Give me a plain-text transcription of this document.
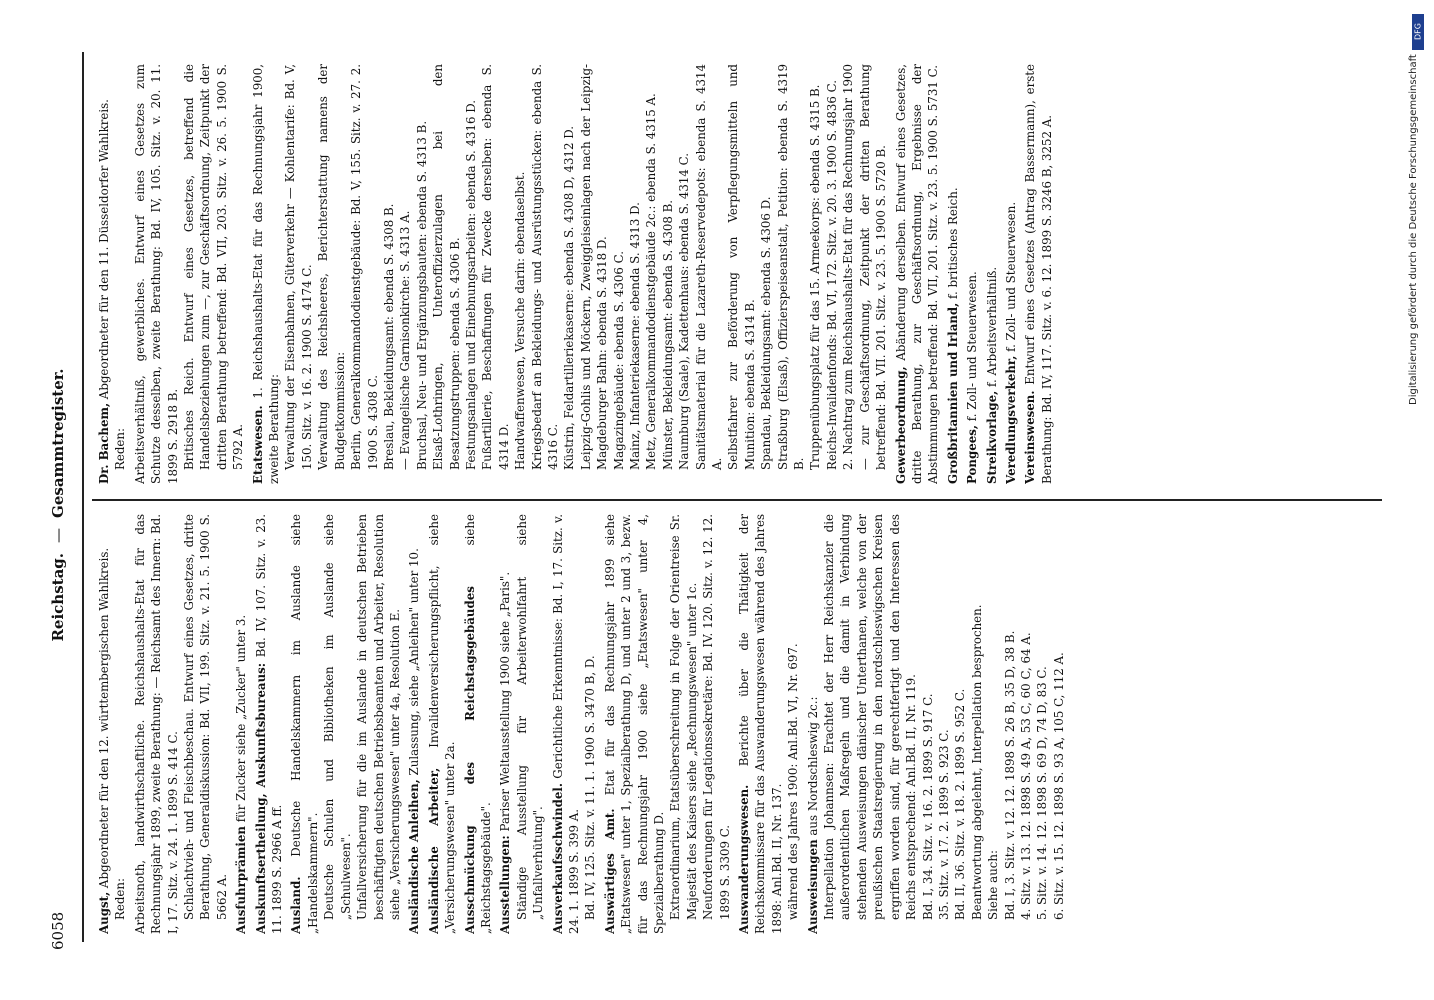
6058
Reichstag.—Gesammtregister.

Augst, Abgeordneter für den 12. württembergischen Wahlkreis.

Reden: Arbeitsnoth, landwirthschaftliche. Reichshaushalts-Etat für das Rechnungsjahr 1899, zweite Berathung: — Reichsamt des Innern: Bd. I, 17. Sitz. v. 24. 1. 1899 S. 414 C. Schlachtvieh- und Fleischbeschau. Entwurf eines Gesetzes, dritte Berathung, Generaldiskussion: Bd. VII, 199. Sitz. v. 21. 5. 1900 S. 5662 A. Ausfuhrprämien für Zucker siehe „Zucker" unter 3. Auskunftsertheilung, Auskunftsbureaus: Bd. IV, 107. Sitz. v. 23. 11. 1899 S. 2966 A ff. Ausland. Deutsche Handelskammern im Auslande siehe „Handelskammern". Deutsche Schulen und Bibliotheken im Auslande siehe „Schulwesen". Unfallversicherung für die im Auslande in deutschen Betrieben beschäftigten deutschen Betriebsbeamten und Arbeiter, Resolution siehe „Versicherungswesen" unter 4a, Resolution E. Ausländische Anleihen, Zulassung, siehe „Anleihen" unter 10.

Ausländische Arbeiter, Invalidenversicherungspflicht, siehe „Versicherungswesen" unter 2a. Ausschmückung des Reichstagsgebäudes siehe „Reichstagsgebäude". Ausstellungen: Pariser Weltausstellung 1900 siehe „Paris". Ständige Ausstellung für Arbeiterwohlfahrt siehe „Unfallverhütung". Ausverkaufsschwindel. Gerichtliche Erkenntnisse: Bd. I, 17. Sitz. v. 24. 1. 1899 S. 399 A. Bd. IV, 125. Sitz. v. 11. 1. 1900 S. 3470 B, D. Auswärtiges Amt. Etat für das Rechnungsjahr 1899 siehe „Etatswesen" unter 1, Spezialberathung D, und unter 2 und 3, bezw. für das Rechnungsjahr 1900 siehe „Etatswesen" unter 4, Spezialberathung D. Extraordinarium, Etatsüberschreitung in Folge der Orientreise Sr. Majestät des Kaisers siehe „Rechnungswesen" unter 1c. Neuforderungen für Legationssekretäre: Bd. IV. 120. Sitz. v. 12. 12. 1899 S. 3309 C. Auswanderungswesen. Berichte über die Thätigkeit der Reichskommissare für das Auswanderungswesen während des Jahres 1898: Anl.Bd. II, Nr. 137. während des Jahres 1900: Anl.Bd. VI, Nr. 697. Ausweisungen aus Nordschleswig 2c.: Interpellation Johannsen: Erachtet der Herr Reichskanzler die außerordentlichen Maßregeln und die damit in Verbindung stehenden Ausweisungen dänischer Unterthanen, welche von der preußischen Staatsregierung in den nordschleswigschen Kreisen ergriffen worden sind, für gerechtfertigt und den Interessen des Reichs entsprechend: Anl.Bd. II, Nr. 119. Bd. I, 34. Sitz. v. 16. 2. 1899 S. 917 C. 35. Sitz. v. 17. 2. 1899 S. 923 C. Bd. II, 36. Sitz. v. 18. 2. 1899 S. 952 C. Beantwortung abgelehnt, Interpellation besprochen. Siehe auch: Bd. I, 3. Sitz. v. 12. 12. 1898 S. 26 B, 35 D, 38 B. 4. Sitz. v. 13. 12. 1898 S. 49 A, 53 C, 60 C, 64 A. 5. Sitz. v. 14. 12. 1898 S. 69 D, 74 D, 83 C. 6. Sitz. v. 15. 12. 1898 S. 93 A, 105 C, 112 A.

Dr. Bachem, Abgeordneter für den 11. Düsseldorfer Wahlkreis.

Reden: Arbeitsverhältniß, gewerbliches. Entwurf eines Gesetzes zum Schutze desselben, zweite Berathung: Bd. IV, 105. Sitz. v. 20. 11. 1899 S. 2918 B. Britisches Reich. Entwurf eines Gesetzes, betreffend die Handelsbeziehungen zum —, zur Geschäftsordnung, Zeitpunkt der dritten Berathung betreffend: Bd. VII, 203. Sitz. v. 26. 5. 1900 S. 5792 A. Etatswesen. 1. Reichshaushalts-Etat für das Rechnungsjahr 1900, zweite Berathung: Verwaltung der Eisenbahnen, Güterverkehr — Kohlentarife: Bd. V, 150. Sitz. v. 16. 2. 1900 S. 4174 C. Verwaltung des Reichsheeres, Berichterstattung namens der Budgetkommission: Berlin, Generalkommandodienstgebäude: Bd. V, 155. Sitz. v. 27. 2. 1900 S. 4308 C. Breslau, Bekleidungsamt: ebenda S. 4308 B. — Evangelische Garnisonkirche: S. 4313 A. Bruchsal, Neu- und Ergänzungsbauten: ebenda S. 4313 B. Elsaß-Lothringen, Unteroffizierzulagen bei den Besatzungstruppen: ebenda S. 4306 B. Festungsanlagen und Einebnungsarbeiten: ebenda S. 4316 D. Fußartillerie, Beschaffungen für Zwecke derselben: ebenda S. 4314 D. Handwaffenwesen, Versuche darin: ebendaselbst. Kriegsbedarf an Bekleidungs- und Ausrüstungsstücken: ebenda S. 4316 C. Küstrin, Feldartilleriekaserne: ebenda S. 4308 D, 4312 D. Leipzig-Gohlis und Möckern, Zweiggleiseinlagen nach der Leipzig-Magdeburger Bahn: ebenda S. 4318 D. Magazingebäude: ebenda S. 4306 C. Mainz, Infanteriekaserne: ebenda S. 4313 D. Metz, Generalkommandodienstgebäude 2c.: ebenda S. 4315 A. Münster, Bekleidungsamt: ebenda S. 4308 B. Naumburg (Saale), Kadettenhaus: ebenda S. 4314 C. Sanitätsmaterial für die Lazareth-Reservedepots: ebenda S. 4314 A. Selbstfahrer zur Beförderung von Verpflegungsmitteln und Munition: ebenda S. 4314 B. Spandau, Bekleidungsamt: ebenda S. 4306 D. Straßburg (Elsaß), Offizierspeiseanstalt, Petition: ebenda S. 4319 B. Truppenübungsplatz für das 15. Armeekorps: ebenda S. 4315 B. Reichs-Invalidenfonds: Bd. VI, 172. Sitz. v. 20. 3. 1900 S. 4836 C. 2. Nachtrag zum Reichshaushalts-Etat für das Rechnungsjahr 1900 — zur Geschäftsordnung, Zeitpunkt der dritten Berathung betreffend: Bd. VII. 201. Sitz. v. 23. 5. 1900 S. 5720 B. Gewerbeordnung, Abänderung derselben. Entwurf eines Gesetzes, dritte Berathung, zur Geschäftsordnung, Ergebnisse der Abstimmungen betreffend: Bd. VII, 201. Sitz. v. 23. 5. 1900 S. 5731 C. Großbritannien und Irland, f. britisches Reich.

Pongees, f. Zoll- und Steuerwesen.

Streikvorlage, f. Arbeitsverhältniß.

Veredlungsverkehr, f. Zoll- und Steuerwesen.

Vereinswesen. Entwurf eines Gesetzes (Antrag Bassermann), erste Berathung: Bd. IV, 117. Sitz. v. 6. 12. 1899 S. 3246 B, 3252 A.

DFG
Digitalisierung gefördert durch die Deutsche Forschungsgemeinschaft
